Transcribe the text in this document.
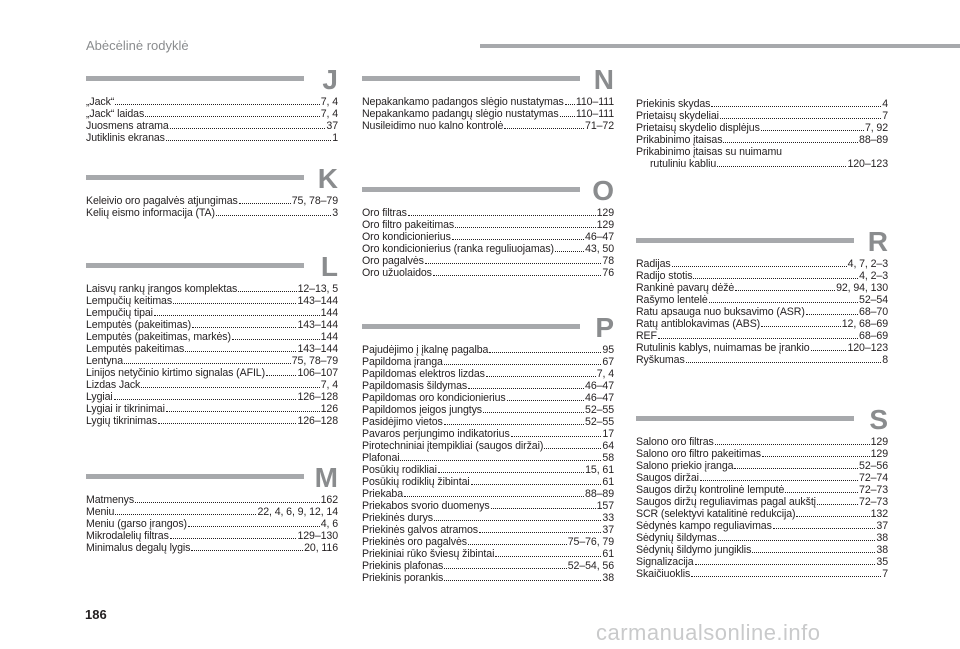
Abėcėlinė rodyklė
J
„Jack“	7, 4
„Jack“ laidas	7, 4
Juosmens atrama	37
Jutiklinis ekranas	1
K
Keleivio oro pagalvės atjungimas	75, 78–79
Kelių eismo informacija (TA)	3
L
Laisvų rankų įrangos komplektas	12–13, 5
Lempučių keitimas	143–144
Lempučių tipai	144
Lemputės (pakeitimas)	143–144
Lemputės (pakeitimas, markės)	144
Lemputės pakeitimas	143–144
Lentyna	75, 78–79
Linijos netyčinio kirtimo signalas (AFIL)	106–107
Lizdas Jack	7, 4
Lygiai	126–128
Lygiai ir tikrinimai	126
Lygių tikrinimas	126–128
M
Matmenys	162
Meniu	22, 4, 6, 9, 12, 14
Meniu (garso įrangos)	4, 6
Mikrodalelių filtras	129–130
Minimalus degalų lygis	20, 116
N
Nepakankamo padangos slėgio nustatymas 110–111
Nepakankamo padangų slėgio nustatymas 110–111
Nusileidimo nuo kalno kontrolė	71–72
O
Oro filtras	129
Oro filtro pakeitimas	129
Oro kondicionierius	46–47
Oro kondicionierius (ranka reguliuojamas)	43, 50
Oro pagalvės	78
Oro užuolaidos	76
P
Pajudėjimo į įkalnę pagalba	95
Papildoma įranga	67
Papildomas elektros lizdas	7, 4
Papildomasis šildymas	46–47
Papildomas oro kondicionierius	46–47
Papildomos įeigos jungtys	52–55
Pasidėjimo vietos	52–55
Pavaros perjungimo indikatorius	17
Pirotechniniai įtempikliai (saugos diržai)	64
Plafonai	58
Posūkių rodikliai	15, 61
Posūkių rodiklių žibintai	61
Priekaba	88–89
Priekabos svorio duomenys	157
Priekinės durys	33
Priekinės galvos atramos	37
Priekinės oro pagalvės	75–76, 79
Priekiniai rūko šviesų žibintai	61
Priekinis plafonas	52–54, 56
Priekinis porankis	38
Priekinis skydas	4
Prietaisų skydeliai	7
Prietaisų skydelio displėjus	7, 92
Prikabinimo įtaisas	88–89
Prikabinimo įtaisas su nuimamu
rutuliniu kabliu	120–123
R
Radijas	4, 7, 2–3
Radijo stotis	4, 2–3
Rankinė pavarų dėžė	92, 94, 130
Rašymo lentelė	52–54
Ratu apsauga nuo buksavimo (ASR)	68–70
Ratų antiblokavimas (ABS)	12, 68–69
REF	68–69
Rutulinis kablys, nuimamas be įrankio	120–123
Ryškumas	8
S
Salono oro filtras	129
Salono oro filtro pakeitimas	129
Salono priekio įranga	52–56
Saugos diržai	72–74
Saugos diržų kontrolinė lemputė	72–73
Saugos diržų reguliavimas pagal aukštį	72–73
SCR (selektyvi katalitinė redukcija)	132
Sėdynės kampo reguliavimas	37
Sėdynių šildymas	38
Sėdynių šildymo jungiklis	38
Signalizacija	35
Skaičiuoklis	7
186
carmanualsonline.info
